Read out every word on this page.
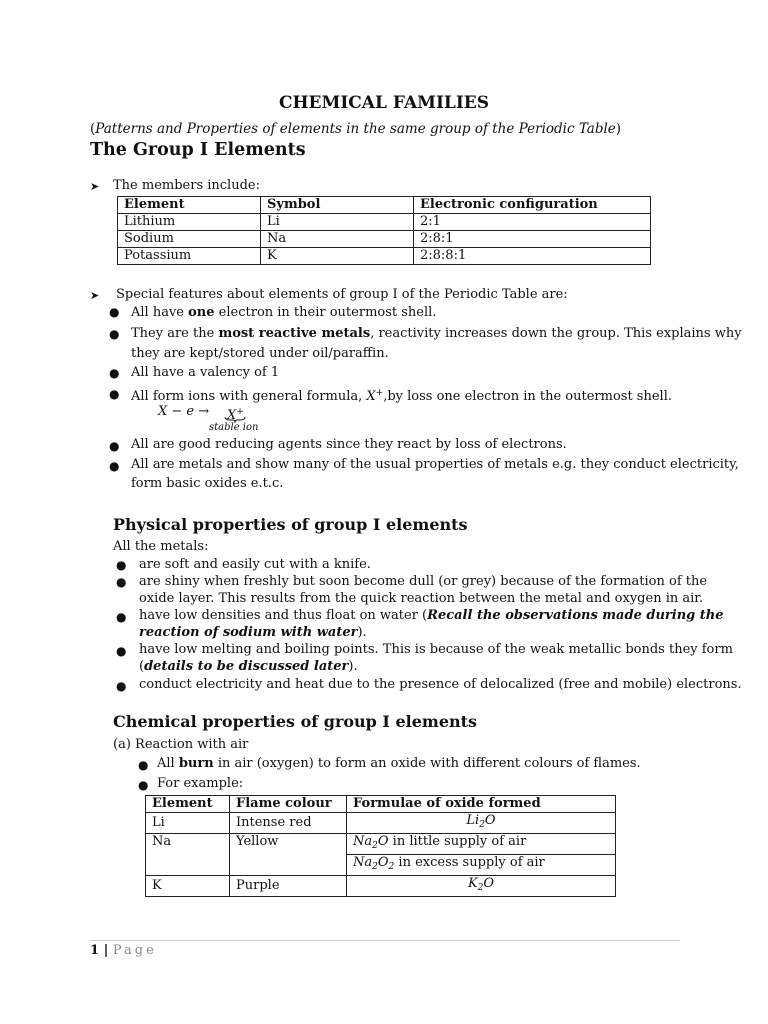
CHEMICAL FAMILIES
(Patterns and Properties of elements in the same group of the Periodic Table)
The Group I Elements
➤ The members include:
Element	Symbol	Electronic configuration
Lithium	Li	2:1
Sodium	Na	2:8:1
Potassium	K	2:8:8:1
➤ Special features about elements of group I of the Periodic Table are:
● All have one electron in their outermost shell.
● They are the most reactive metals, reactivity increases down the group. This explains why
they are kept/stored under oil/paraffin.
● All have a valency of 1
● All form ions with general formula, X+,by loss one electron in the outermost shell.
X − e → X+
stable ion
● All are good reducing agents since they react by loss of electrons.
● All are metals and show many of the usual properties of metals e.g. they conduct electricity,
form basic oxides e.t.c.
Physical properties of group I elements
All the metals:
● are soft and easily cut with a knife.
● are shiny when freshly but soon become dull (or grey) because of the formation of the
oxide layer. This results from the quick reaction between the metal and oxygen in air.
● have low densities and thus float on water (Recall the observations made during the
reaction of sodium with water).
● have low melting and boiling points. This is because of the weak metallic bonds they form
(details to be discussed later).
● conduct electricity and heat due to the presence of delocalized (free and mobile) electrons.
Chemical properties of group I elements
(a) Reaction with air
● All burn in air (oxygen) to form an oxide with different colours of flames.
● For example:
Element	Flame colour	Formulae of oxide formed
Li	Intense red	$Li_2O$
Na	Yellow	$Na_2O$ in little supply of air
		$Na_2O_2$ in excess supply of air
K	Purple	$K_2O$
1 | Page
